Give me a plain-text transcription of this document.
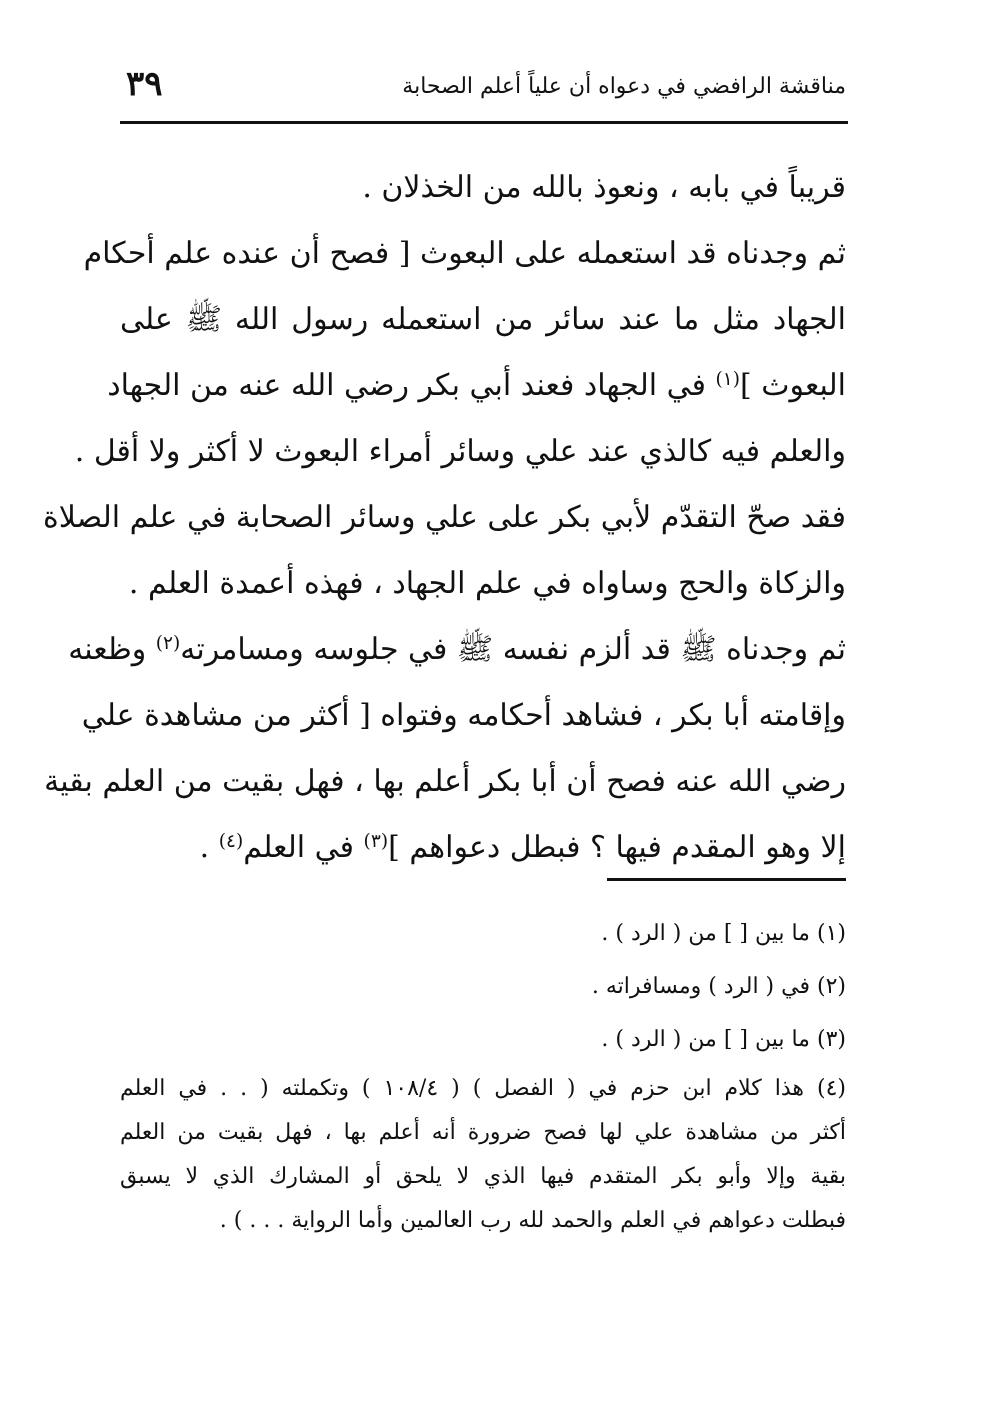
مناقشة الرافضي في دعواه أن علياً أعلم الصحابة
٣٩
قريباً في بابه ، ونعوذ بالله من الخذلان .
ثم وجدناه قد استعمله على البعوث [ فصح أن عنده علم أحكام
الجهاد مثل ما عند سائر من استعمله رسول الله ﷺ على
البعوث ]$^{(١)}$ في الجهاد فعند أبي بكر رضي الله عنه من الجهاد
والعلم فيه كالذي عند علي وسائر أمراء البعوث لا أكثر ولا أقل .
فقد صحّ التقدّم لأبي بكر على علي وسائر الصحابة في علم الصلاة
والزكاة والحج وساواه في علم الجهاد ، فهذه أعمدة العلم .
ثم وجدناه ﷺ قد ألزم نفسه ﷺ في جلوسه ومسامرته$^{(٢)}$ وظعنه
وإقامته أبا بكر ، فشاهد أحكامه وفتواه [ أكثر من مشاهدة علي
رضي الله عنه فصح أن أبا بكر أعلم بها ، فهل بقيت من العلم بقية
إلا وهو المقدم فيها ؟ فبطل دعواهم ]$^{(٣)}$ في العلم$^{(٤)}$ .
(١) ما بين [ ] من ( الرد ) .
(٢) في ( الرد ) ومسافراته .
(٣) ما بين [ ] من ( الرد ) .
(٤) هذا كلام ابن حزم في ( الفصل ) ( ١٠٨/٤ ) وتكملته ( . . في العلم
أكثر من مشاهدة علي لها فصح ضرورة أنه أعلم بها ، فهل بقيت من العلم
بقية وإلا وأبو بكر المتقدم فيها الذي لا يلحق أو المشارك الذي لا يسبق
فبطلت دعواهم في العلم والحمد لله رب العالمين وأما الرواية . . . ) .
